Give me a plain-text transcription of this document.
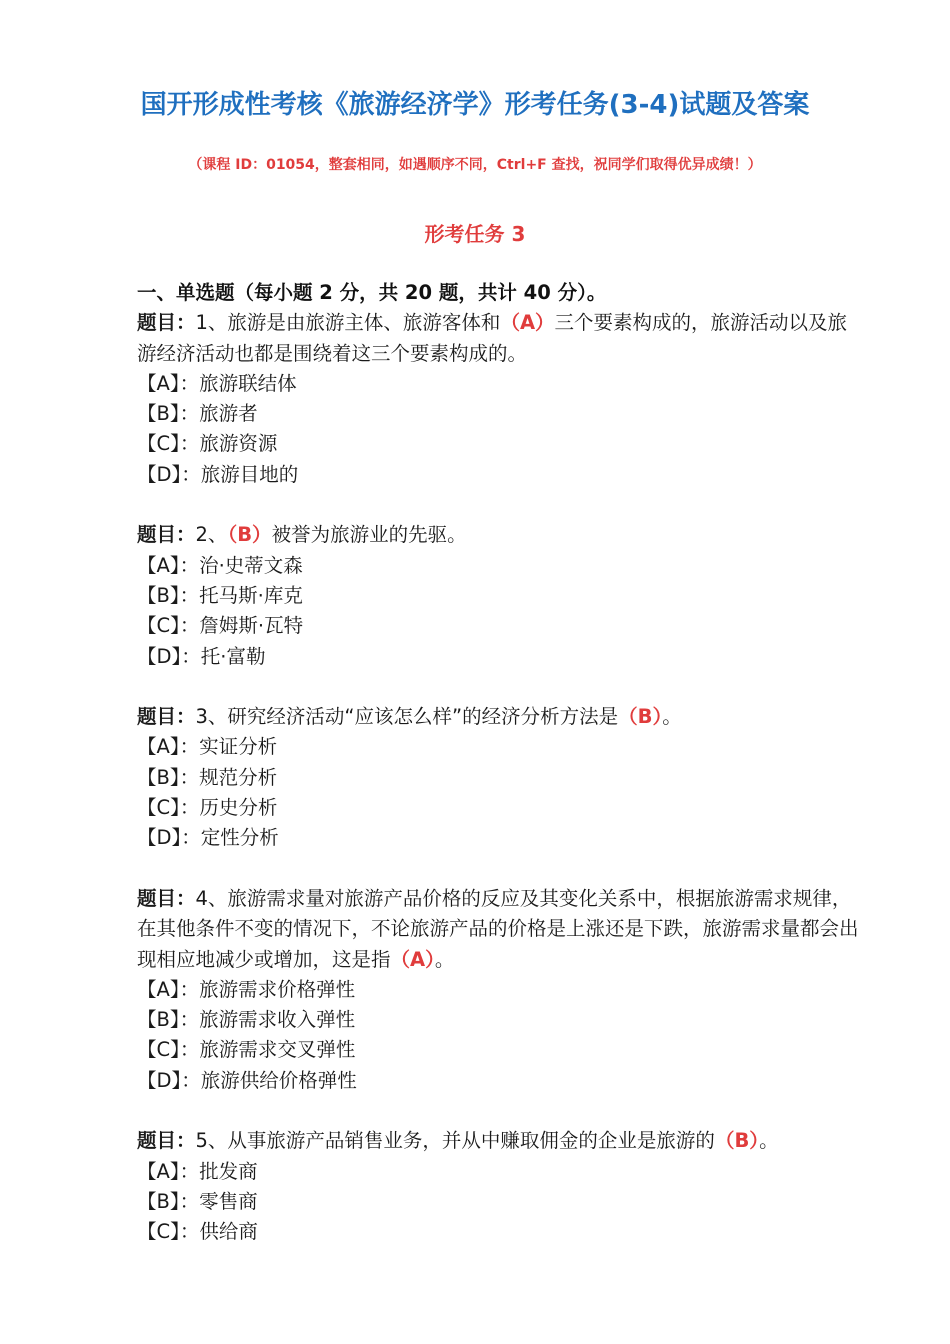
国开形成性考核《旅游经济学》形考任务(3-4)试题及答案
（课程 ID：01054，整套相同，如遇顺序不同，Ctrl+F 查找，祝同学们取得优异成绩！）
形考任务 3
一、单选题（每小题 2 分，共 20 题，共计 40 分）。
题目：1、旅游是由旅游主体、旅游客体和（A）三个要素构成的，旅游活动以及旅游经济活动也都是围绕着这三个要素构成的。
【A】：旅游联结体
【B】：旅游者
【C】：旅游资源
【D】：旅游目地的
题目：2、（B）被誉为旅游业的先驱。
【A】：治·史蒂文森
【B】：托马斯·库克
【C】：詹姆斯·瓦特
【D】：托·富勒
题目：3、研究经济活动“应该怎么样”的经济分析方法是（B）。
【A】：实证分析
【B】：规范分析
【C】：历史分析
【D】：定性分析
题目：4、旅游需求量对旅游产品价格的反应及其变化关系中，根据旅游需求规律，在其他条件不变的情况下，不论旅游产品的价格是上涨还是下跌，旅游需求量都会出现相应地减少或增加，这是指（A）。
【A】：旅游需求价格弹性
【B】：旅游需求收入弹性
【C】：旅游需求交叉弹性
【D】：旅游供给价格弹性
题目：5、从事旅游产品销售业务，并从中赚取佣金的企业是旅游的（B）。
【A】：批发商
【B】：零售商
【C】：供给商
